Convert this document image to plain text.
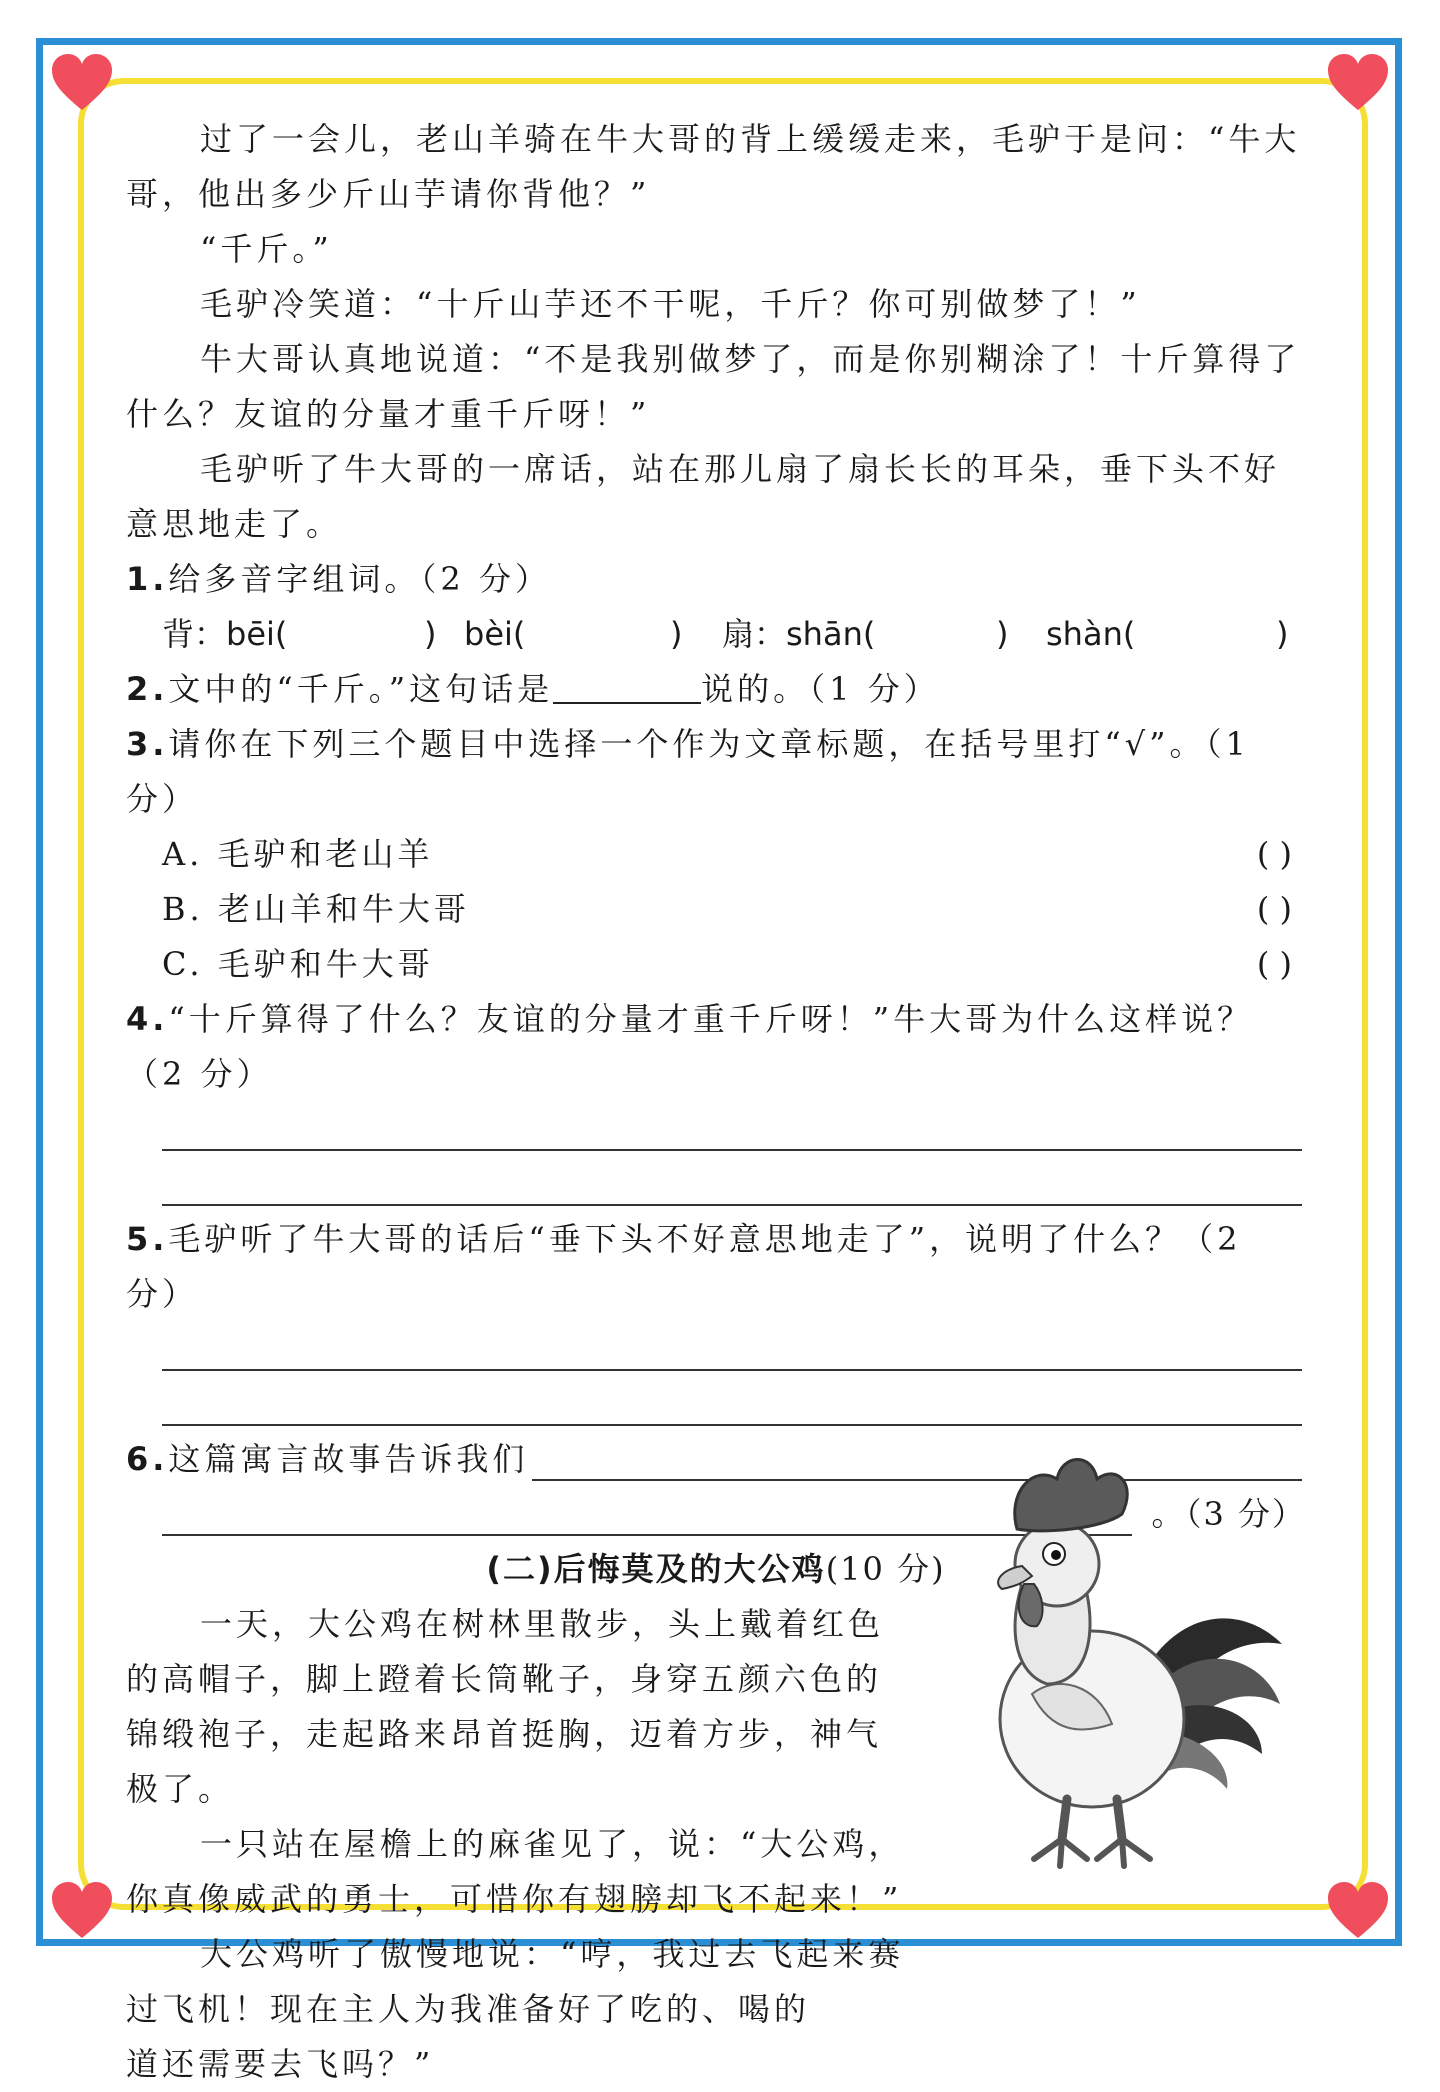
过了一会儿，老山羊骑在牛大哥的背上缓缓走来，毛驴于是问：“牛大哥，他出多少斤山芋请你背他？”

“千斤。”

毛驴冷笑道：“十斤山芋还不干呢，千斤？你可别做梦了！”

牛大哥认真地说道：“不是我别做梦了，而是你别糊涂了！十斤算得了什么？友谊的分量才重千斤呀！”

毛驴听了牛大哥的一席话，站在那儿扇了扇长长的耳朵，垂下头不好意思地走了。

1.给多音字组词。（2 分）

背：bēi(	) bèi(	) 扇：shān(	) shàn(	)

2.文中的“千斤。”这句话是	说的。（1 分）

3.请你在下列三个题目中选择一个作为文章标题，在括号里打“√”。（1 分）

A. 毛驴和老山羊	( )
B. 老山羊和牛大哥	( )
C. 毛驴和牛大哥	( )

4.“十斤算得了什么？友谊的分量才重千斤呀！”牛大哥为什么这样说？（2 分）

5.毛驴听了牛大哥的话后“垂下头不好意思地走了”，说明了什么？（2 分）

6.这篇寓言故事告诉我们
。（3 分）

(二)后悔莫及的大公鸡(10 分)

一天，大公鸡在树林里散步，头上戴着红色的高帽子，脚上蹬着长筒靴子，身穿五颜六色的锦缎袍子，走起路来昂首挺胸，迈着方步，神气极了。

一只站在屋檐上的麻雀见了，说：“大公鸡，你真像威武的勇士，可惜你有翅膀却飞不起来！”

大公鸡听了傲慢地说：“哼，我过去飞起来赛过飞机！现在主人为我准备好了吃的、喝的

道还需要去飞吗？”
